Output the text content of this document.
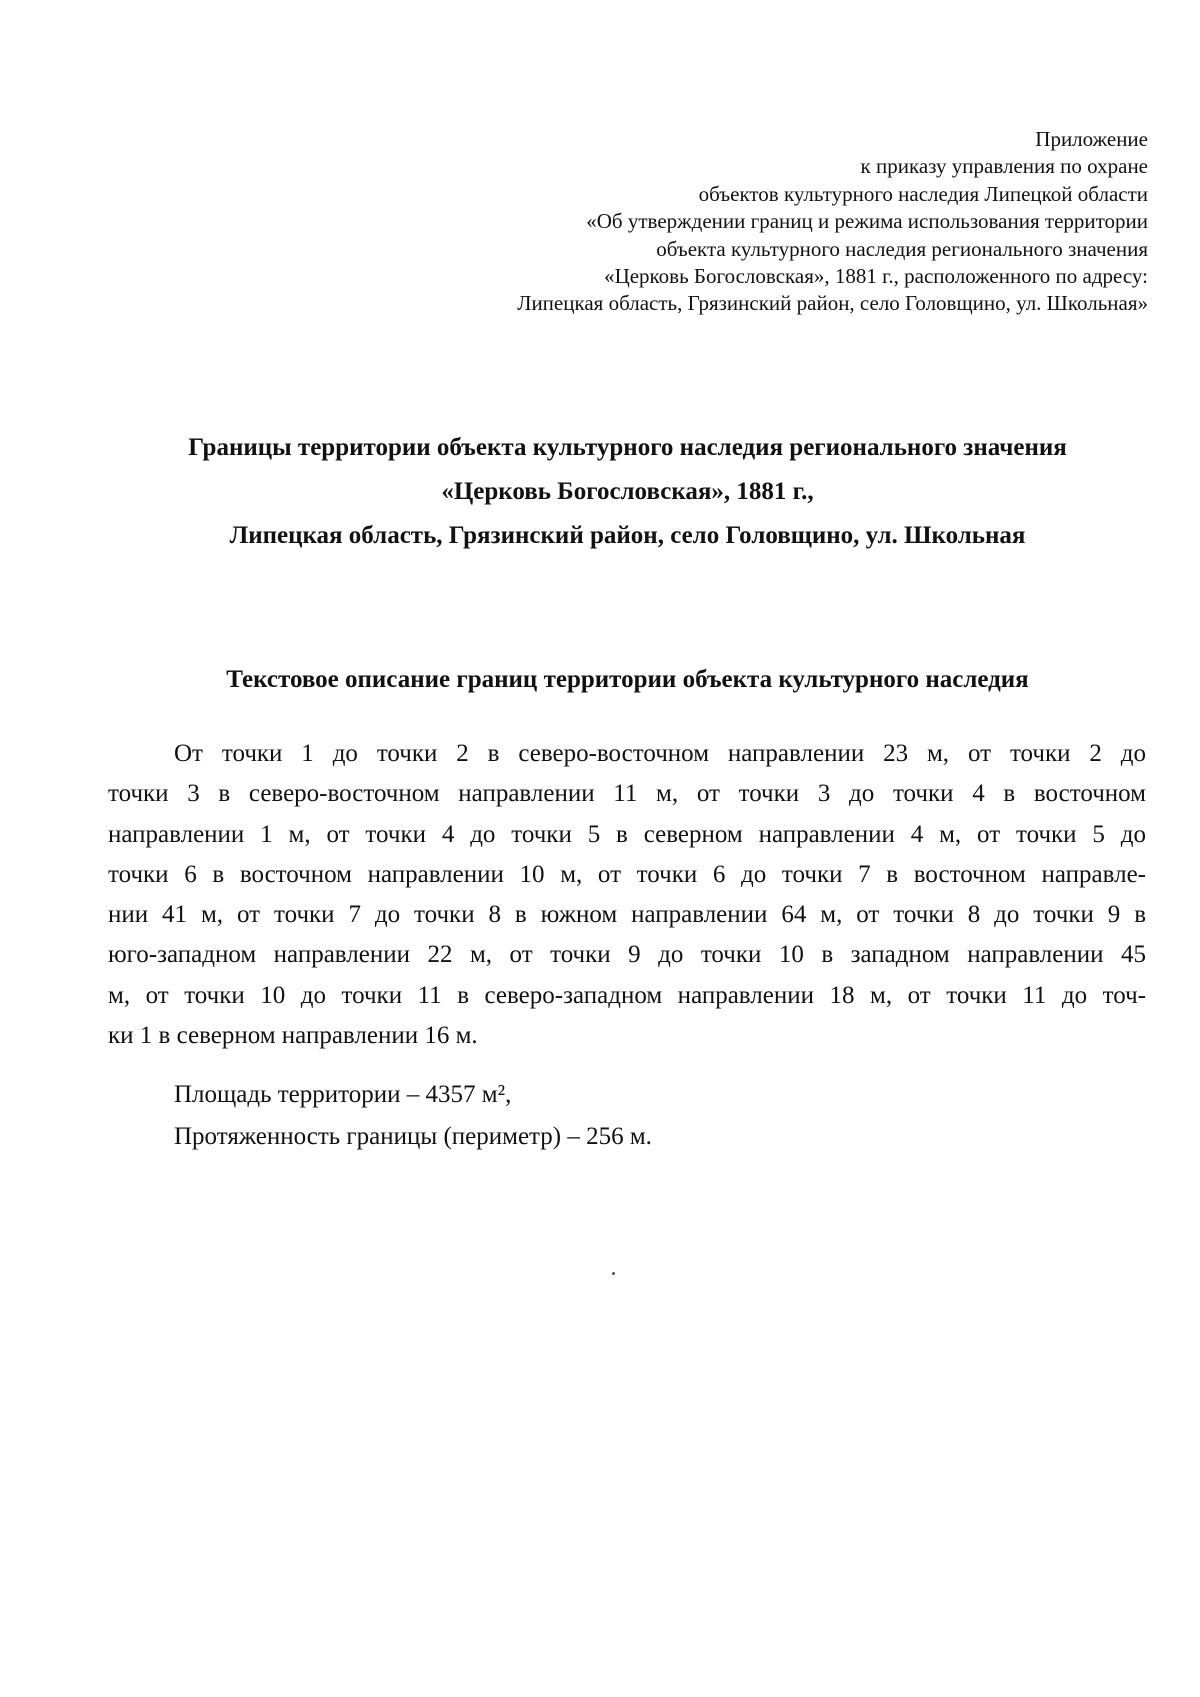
Приложение
к приказу управления по охране
объектов культурного наследия Липецкой области
«Об утверждении границ и режима использования территории
объекта культурного наследия регионального значения
«Церковь Богословская», 1881 г., расположенного по адресу:
Липецкая область, Грязинский район, село Головщино, ул. Школьная»
Границы территории объекта культурного наследия регионального значения
«Церковь Богословская», 1881 г.,
Липецкая область, Грязинский район, село Головщино, ул. Школьная
Текстовое описание границ территории объекта культурного наследия
От точки 1 до точки 2 в северо-восточном направлении 23 м, от точки 2 до
точки 3 в северо-восточном направлении 11 м, от точки 3 до точки 4 в восточном
направлении 1 м, от точки 4 до точки 5 в северном направлении 4 м, от точки 5 до
точки 6 в восточном направлении 10 м, от точки 6 до точки 7 в восточном направле-
нии 41 м, от точки 7 до точки 8 в южном направлении 64 м, от точки 8 до точки 9 в
юго-западном направлении 22 м, от точки 9 до точки 10 в западном направлении 45
м, от точки 10 до точки 11 в северо-западном направлении 18 м, от точки 11 до точ-
ки 1 в северном направлении 16 м.
Площадь территории – 4357 м²,
Протяженность границы (периметр) – 256 м.
